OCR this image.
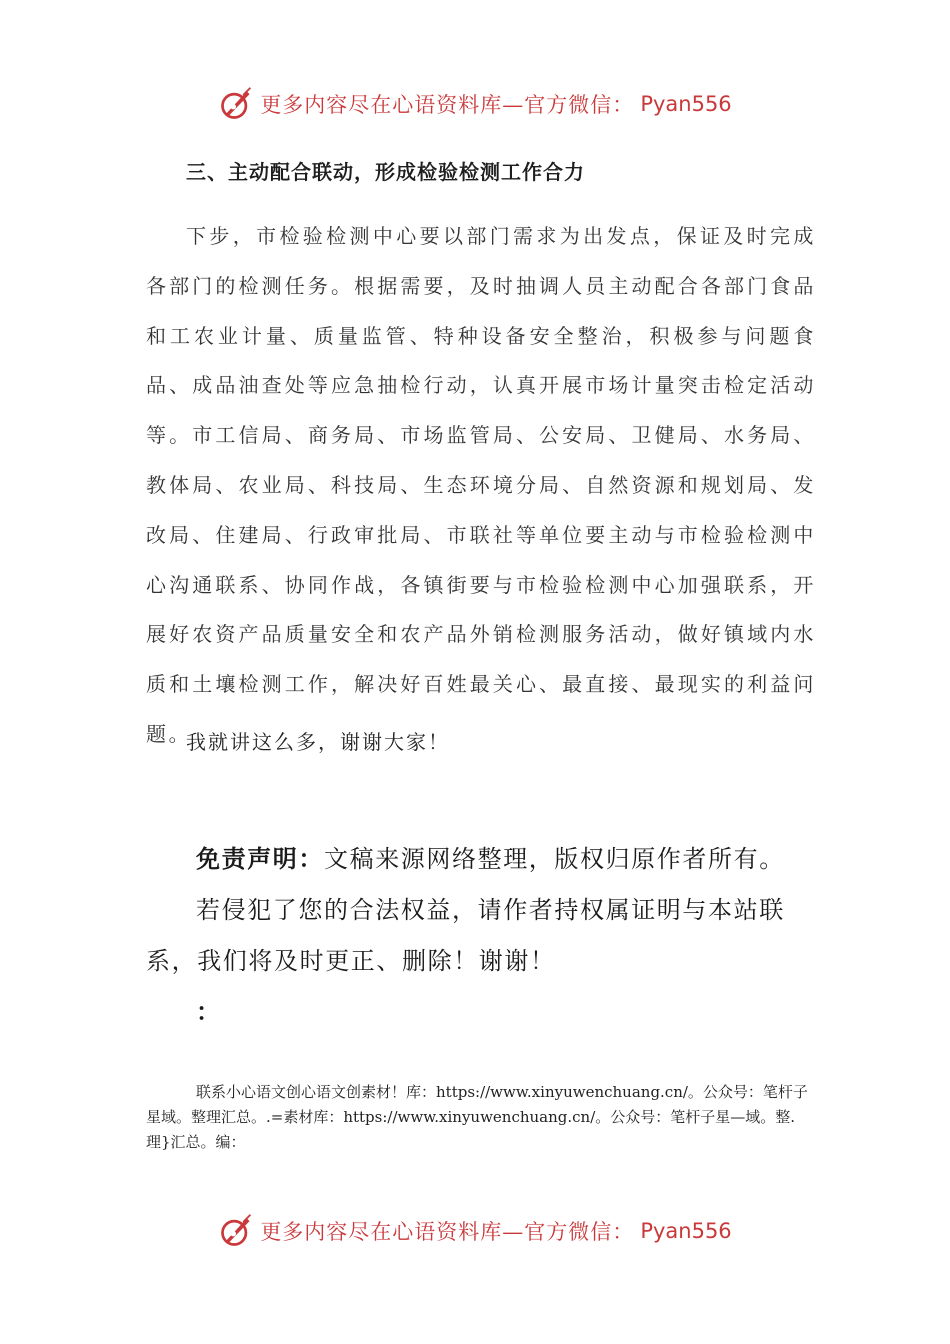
更多内容尽在心语资料库—官方微信： Pyan556
三、主动配合联动，形成检验检测工作合力

下步，市检验检测中心要以部门需求为出发点，保证及时完成各部门的检测任务。根据需要，及时抽调人员主动配合各部门食品和工农业计量、质量监管、特种设备安全整治，积极参与问题食品、成品油查处等应急抽检行动，认真开展市场计量突击检定活动等。市工信局、商务局、市场监管局、公安局、卫健局、水务局、教体局、农业局、科技局、生态环境分局、自然资源和规划局、发改局、住建局、行政审批局、市联社等单位要主动与市检验检测中心沟通联系、协同作战，各镇街要与市检验检测中心加强联系，开展好农资产品质量安全和农产品外销检测服务活动，做好镇域内水质和土壤检测工作，解决好百姓最关心、最直接、最现实的利益问题。

我就讲这么多，谢谢大家！

免责声明：文稿来源网络整理，版权归原作者所有。

若侵犯了您的合法权益，请作者持权属证明与本站联系，我们将及时更正、删除！谢谢！

：

联系小心语文创心语文创素材！库：https://www.xinyuwenchuang.cn/。公众号：笔杆子星域。整理汇总。.=素材库：https://www.xinyuwenchuang.cn/。公众号：笔杆子星—域。整.理}汇总。编：

更多内容尽在心语资料库—官方微信： Pyan556
